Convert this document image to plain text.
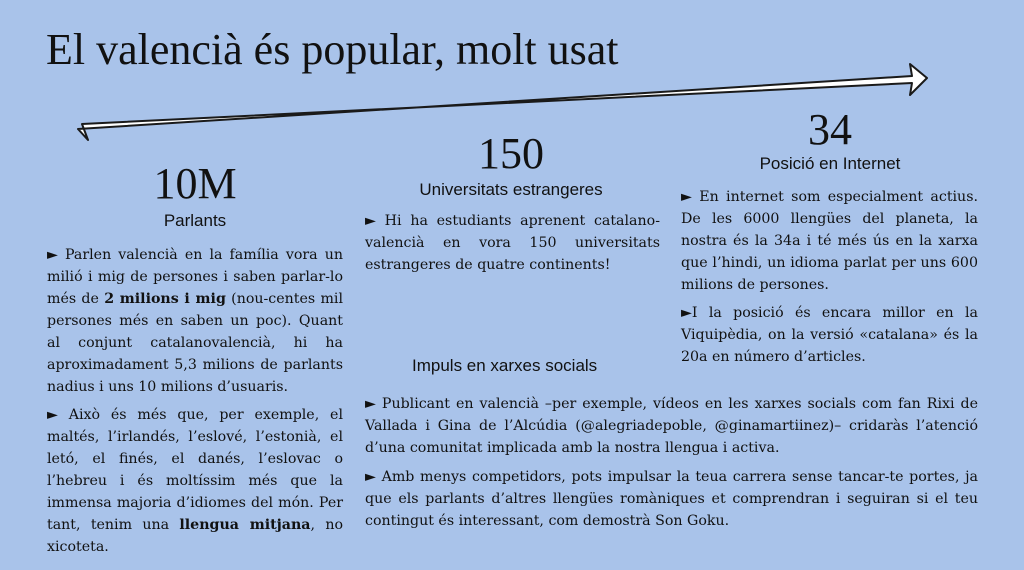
El valencià és popular, molt usat
10M
Parlants
150
Universitats estrangeres
34
Posició en Internet

► Parlen valencià en la família vora un milió i mig de persones i saben parlar-lo més de 2 milions i mig (nou-centes mil persones més en saben un poc). Quant al conjunt catalanovalencià, hi ha aproximadament 5,3 milions de parlants nadius i uns 10 milions d’usuaris.

► Això és més que, per exemple, el maltés, l’irlandés, l’eslové, l’estonià, el letó, el finés, el danés, l’eslovac o l’hebreu i és moltíssim més que la immensa majoria d’idiomes del món. Per tant, tenim una llengua mitjana, no xicoteta.

► Hi ha estudiants aprenent catalano-valencià en vora 150 universitats estrangeres de quatre continents!

► En internet som especialment actius. De les 6000 llengües del planeta, la nostra és la 34a i té més ús en la xarxa que l’hindi, un idioma parlat per uns 600 milions de persones.

►I la posició és encara millor en la Viquipèdia, on la versió «catalana» és la 20a en número d’articles.

Impuls en xarxes socials

► Publicant en valencià –per exemple, vídeos en les xarxes socials com fan Rixi de Vallada i Gina de l’Alcúdia (@alegriadepoble, @ginamartiinez)– cridaràs l’atenció d’una comunitat implicada amb la nostra llengua i activa.

► Amb menys competidors, pots impulsar la teua carrera sense tancar-te portes, ja que els parlants d’altres llengües romàniques et comprendran i seguiran si el teu contingut és interessant, com demostrà Son Goku.
